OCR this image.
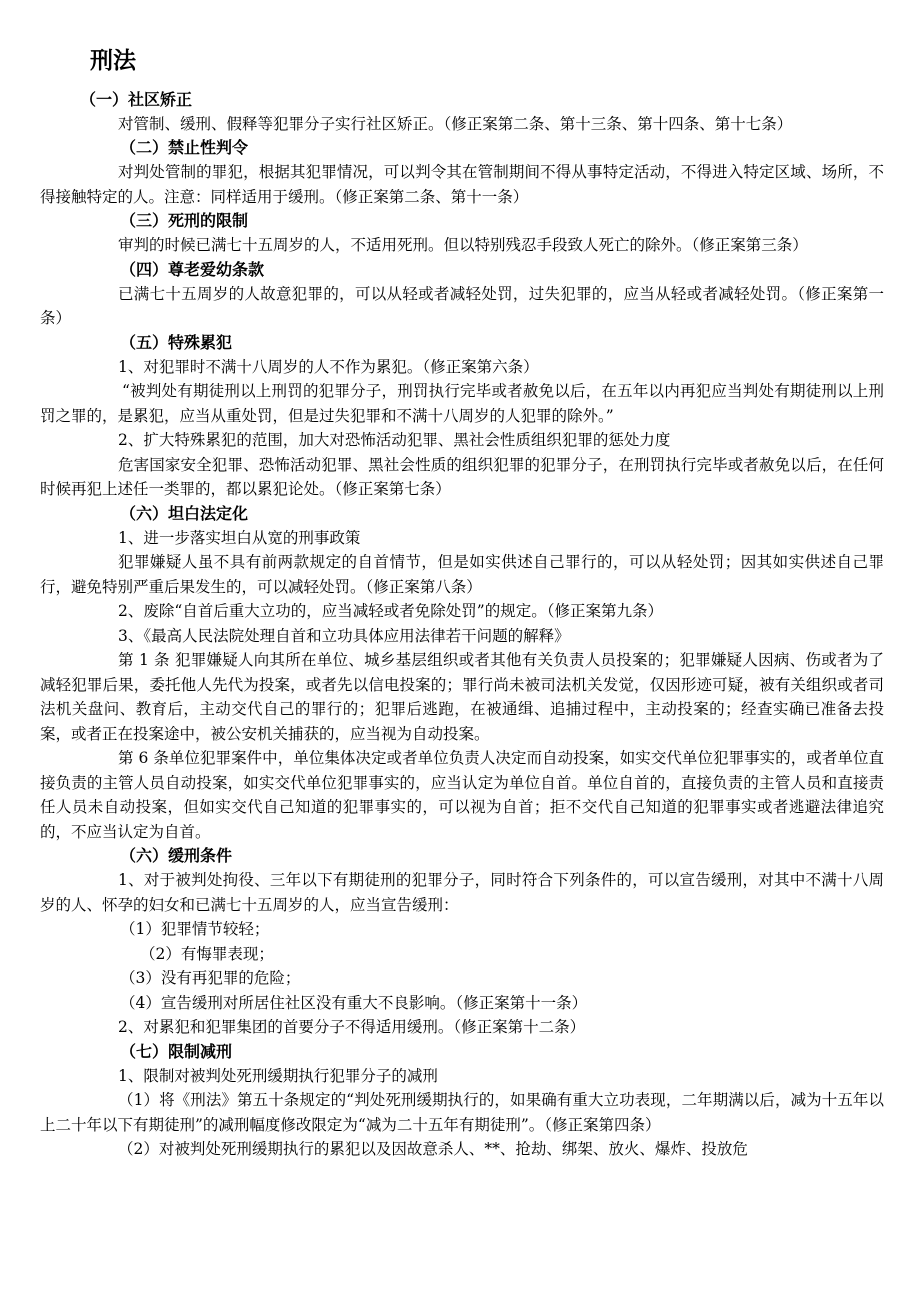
刑法
（一）社区矫正

对管制、缓刑、假释等犯罪分子实行社区矫正。（修正案第二条、第十三条、第十四条、第十七条）

（二）禁止性判令

对判处管制的罪犯，根据其犯罪情况，可以判令其在管制期间不得从事特定活动，不得进入特定区域、场所，不得接触特定的人。注意：同样适用于缓刑。（修正案第二条、第十一条）

（三）死刑的限制

审判的时候已满七十五周岁的人，不适用死刑。但以特别残忍手段致人死亡的除外。（修正案第三条）

（四）尊老爱幼条款

已满七十五周岁的人故意犯罪的，可以从轻或者减轻处罚，过失犯罪的，应当从轻或者减轻处罚。（修正案第一条）

（五）特殊累犯

1、对犯罪时不满十八周岁的人不作为累犯。（修正案第六条）

“被判处有期徒刑以上刑罚的犯罪分子，刑罚执行完毕或者赦免以后，在五年以内再犯应当判处有期徒刑以上刑罚之罪的，是累犯，应当从重处罚，但是过失犯罪和不满十八周岁的人犯罪的除外。”

2、扩大特殊累犯的范围，加大对恐怖活动犯罪、黑社会性质组织犯罪的惩处力度

危害国家安全犯罪、恐怖活动犯罪、黑社会性质的组织犯罪的犯罪分子，在刑罚执行完毕或者赦免以后，在任何时候再犯上述任一类罪的，都以累犯论处。（修正案第七条）

（六）坦白法定化

1、进一步落实坦白从宽的刑事政策

犯罪嫌疑人虽不具有前两款规定的自首情节，但是如实供述自己罪行的，可以从轻处罚；因其如实供述自己罪行，避免特别严重后果发生的，可以减轻处罚。（修正案第八条）

2、废除“自首后重大立功的，应当减轻或者免除处罚”的规定。（修正案第九条）

3、《最高人民法院处理自首和立功具体应用法律若干问题的解释》

第 1 条 犯罪嫌疑人向其所在单位、城乡基层组织或者其他有关负责人员投案的；犯罪嫌疑人因病、伤或者为了减轻犯罪后果，委托他人先代为投案，或者先以信电投案的；罪行尚未被司法机关发觉，仅因形迹可疑，被有关组织或者司法机关盘问、教育后，主动交代自己的罪行的；犯罪后逃跑，在被通缉、追捕过程中，主动投案的；经查实确已准备去投案，或者正在投案途中，被公安机关捕获的，应当视为自动投案。

第 6 条单位犯罪案件中，单位集体决定或者单位负责人决定而自动投案，如实交代单位犯罪事实的，或者单位直接负责的主管人员自动投案，如实交代单位犯罪事实的，应当认定为单位自首。单位自首的，直接负责的主管人员和直接责任人员未自动投案，但如实交代自己知道的犯罪事实的，可以视为自首；拒不交代自己知道的犯罪事实或者逃避法律追究的，不应当认定为自首。

（六）缓刑条件

1、对于被判处拘役、三年以下有期徒刑的犯罪分子，同时符合下列条件的，可以宣告缓刑，对其中不满十八周岁的人、怀孕的妇女和已满七十五周岁的人，应当宣告缓刑：

（1）犯罪情节较轻；
（2）有悔罪表现；
（3）没有再犯罪的危险；
（4）宣告缓刑对所居住社区没有重大不良影响。（修正案第十一条）

2、对累犯和犯罪集团的首要分子不得适用缓刑。（修正案第十二条）

（七）限制减刑

1、限制对被判处死刑缓期执行犯罪分子的减刑

（1）将《刑法》第五十条规定的“判处死刑缓期执行的，如果确有重大立功表现，二年期满以后，减为十五年以上二十年以下有期徒刑”的减刑幅度修改限定为“减为二十五年有期徒刑”。（修正案第四条）

（2）对被判处死刑缓期执行的累犯以及因故意杀人、**、抢劫、绑架、放火、爆炸、投放危
